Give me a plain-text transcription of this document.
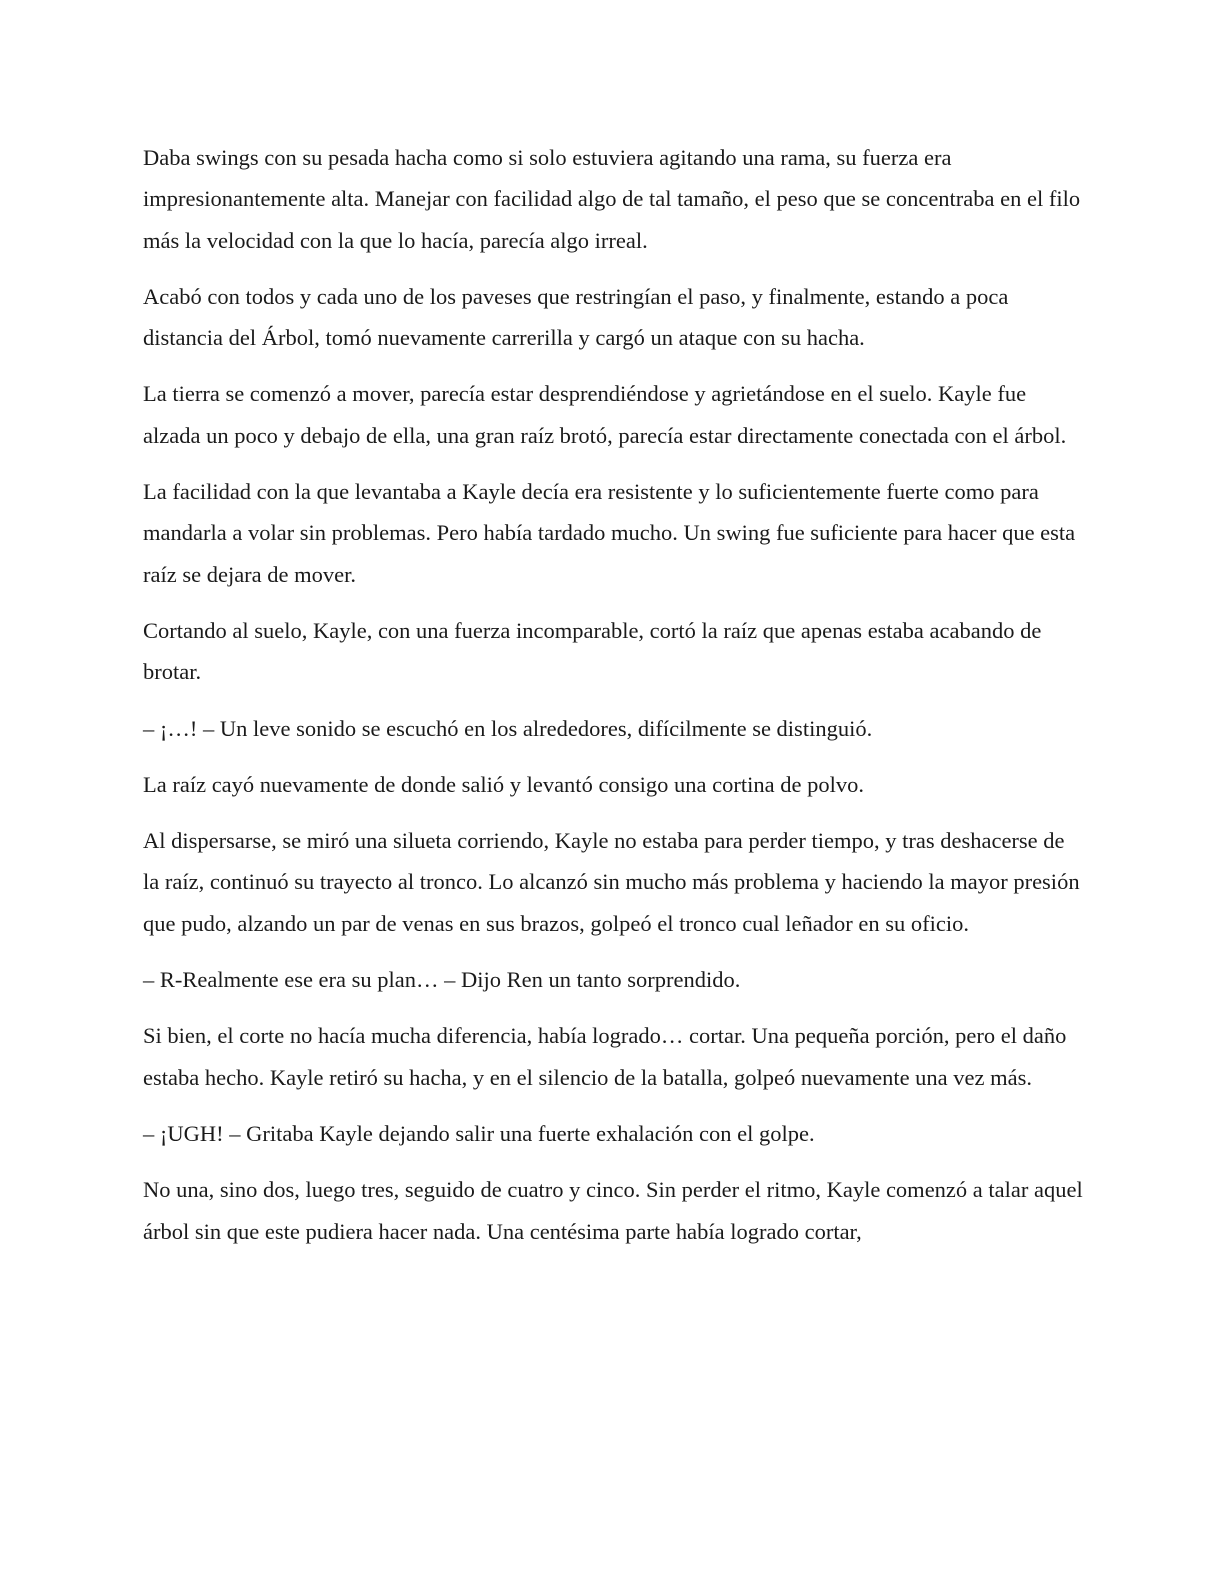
Daba swings con su pesada hacha como si solo estuviera agitando una rama, su fuerza era impresionantemente alta. Manejar con facilidad algo de tal tamaño, el peso que se concentraba en el filo más la velocidad con la que lo hacía, parecía algo irreal.

Acabó con todos y cada uno de los paveses que restringían el paso, y finalmente, estando a poca distancia del Árbol, tomó nuevamente carrerilla y cargó un ataque con su hacha.

La tierra se comenzó a mover, parecía estar desprendiéndose y agrietándose en el suelo. Kayle fue alzada un poco y debajo de ella, una gran raíz brotó, parecía estar directamente conectada con el árbol.

La facilidad con la que levantaba a Kayle decía era resistente y lo suficientemente fuerte como para mandarla a volar sin problemas. Pero había tardado mucho. Un swing fue suficiente para hacer que esta raíz se dejara de mover.

Cortando al suelo, Kayle, con una fuerza incomparable, cortó la raíz que apenas estaba acabando de brotar.

– ¡…! – Un leve sonido se escuchó en los alrededores, difícilmente se distinguió.

La raíz cayó nuevamente de donde salió y levantó consigo una cortina de polvo.

Al dispersarse, se miró una silueta corriendo, Kayle no estaba para perder tiempo, y tras deshacerse de la raíz, continuó su trayecto al tronco. Lo alcanzó sin mucho más problema y haciendo la mayor presión que pudo, alzando un par de venas en sus brazos, golpeó el tronco cual leñador en su oficio.

– R-Realmente ese era su plan… – Dijo Ren un tanto sorprendido.

Si bien, el corte no hacía mucha diferencia, había logrado… cortar. Una pequeña porción, pero el daño estaba hecho. Kayle retiró su hacha, y en el silencio de la batalla, golpeó nuevamente una vez más.

– ¡UGH! – Gritaba Kayle dejando salir una fuerte exhalación con el golpe.

No una, sino dos, luego tres, seguido de cuatro y cinco. Sin perder el ritmo, Kayle comenzó a talar aquel árbol sin que este pudiera hacer nada. Una centésima parte había logrado cortar,
